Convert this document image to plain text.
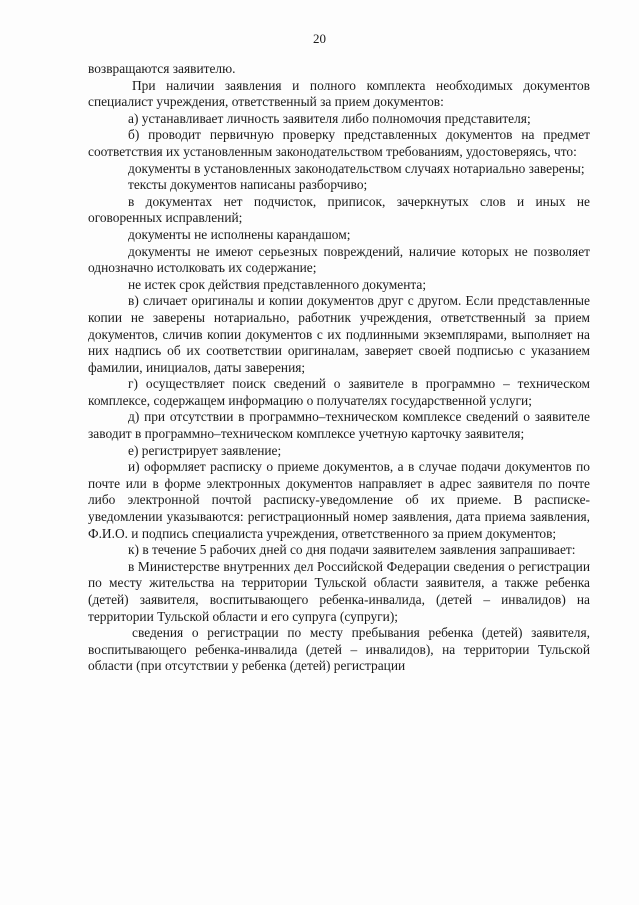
20

возвращаются заявителю.

При наличии заявления и полного комплекта необходимых документов специалист учреждения, ответственный за прием документов:

а) устанавливает личность заявителя либо полномочия представителя;

б) проводит первичную проверку представленных документов на предмет соответствия их установленным законодательством требованиям, удостоверяясь, что:

документы в установленных законодательством случаях нотариально заверены;

тексты документов написаны разборчиво;

в документах нет подчисток, приписок, зачеркнутых слов и иных не оговоренных исправлений;

документы не исполнены карандашом;

документы не имеют серьезных повреждений, наличие которых не позволяет однозначно истолковать их содержание;

не истек срок действия представленного документа;

в) сличает оригиналы и копии документов друг с другом. Если представленные копии не заверены нотариально, работник учреждения, ответственный за прием документов, сличив копии документов с их подлинными экземплярами, выполняет на них надпись об их соответствии оригиналам, заверяет своей подписью с указанием фамилии, инициалов, даты заверения;

г) осуществляет поиск сведений о заявителе в программно – техническом комплексе, содержащем информацию о получателях государственной услуги;

д) при отсутствии в программно–техническом комплексе сведений о заявителе заводит в программно–техническом комплексе учетную карточку заявителя;

е) регистрирует заявление;

и) оформляет расписку о приеме документов, а в случае подачи документов по почте или в форме электронных документов направляет в адрес заявителя по почте либо электронной почтой расписку-уведомление об их приеме. В расписке-уведомлении указываются: регистрационный номер заявления, дата приема заявления, Ф.И.О. и подпись специалиста учреждения, ответственного за прием документов;

к) в течение 5 рабочих дней со дня подачи заявителем заявления запрашивает:

в Министерстве внутренних дел Российской Федерации сведения о регистрации по месту жительства на территории Тульской области заявителя, а также ребенка (детей) заявителя, воспитывающего ребенка-инвалида, (детей – инвалидов) на территории Тульской области и его супруга (супруги);

сведения о регистрации по месту пребывания ребенка (детей) заявителя, воспитывающего ребенка-инвалида (детей – инвалидов), на территории Тульской области (при отсутствии у ребенка (детей) регистрации
